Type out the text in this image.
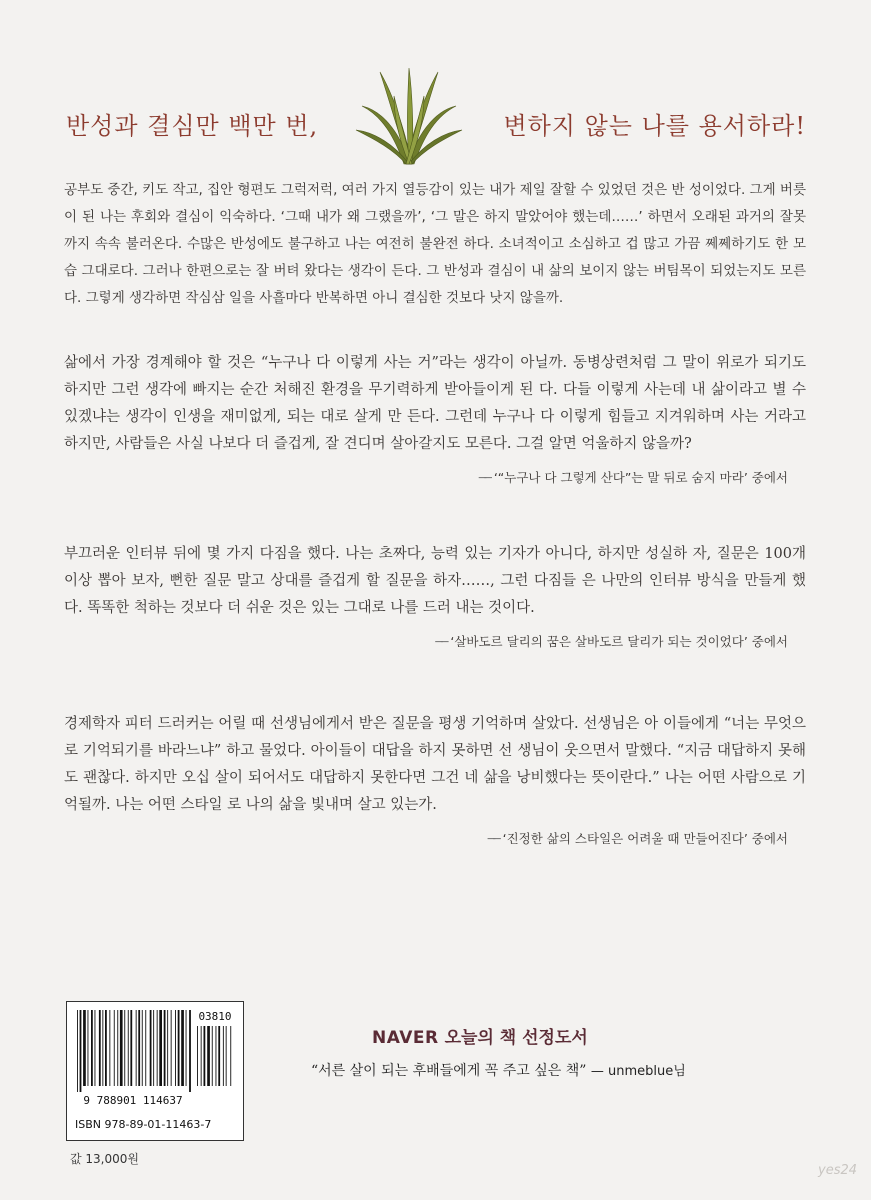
반성과 결심만 백만 번,	변하지 않는 나를 용서하라!

공부도 중간, 키도 작고, 집안 형편도 그럭저럭, 여러 가지 열등감이 있는 내가 제일 잘할 수 있었던 것은 반 성이었다. 그게 버릇이 된 나는 후회와 결심이 익숙하다. ‘그때 내가 왜 그랬을까’, ‘그 말은 하지 말았어야 했는데……’ 하면서 오래된 과거의 잘못까지 속속 불러온다. 수많은 반성에도 불구하고 나는 여전히 불완전 하다. 소녀적이고 소심하고 겁 많고 가끔 쩨쩨하기도 한 모습 그대로다. 그러나 한편으로는 잘 버텨 왔다는 생각이 든다. 그 반성과 결심이 내 삶의 보이지 않는 버팀목이 되었는지도 모른다. 그렇게 생각하면 작심삼 일을 사흘마다 반복하면 아니 결심한 것보다 낫지 않을까.

삶에서 가장 경계해야 할 것은 “누구나 다 이렇게 사는 거”라는 생각이 아닐까. 동병상련처럼 그 말이 위로가 되기도 하지만 그런 생각에 빠지는 순간 처해진 환경을 무기력하게 받아들이게 된 다. 다들 이렇게 사는데 내 삶이라고 별 수 있겠냐는 생각이 인생을 재미없게, 되는 대로 살게 만 든다. 그런데 누구나 다 이렇게 힘들고 지겨워하며 사는 거라고 하지만, 사람들은 사실 나보다 더 즐겁게, 잘 견디며 살아갈지도 모른다. 그걸 알면 억울하지 않을까?

── ‘“누구나 다 그렇게 산다”는 말 뒤로 숨지 마라’ 중에서

부끄러운 인터뷰 뒤에 몇 가지 다짐을 했다. 나는 초짜다, 능력 있는 기자가 아니다, 하지만 성실하 자, 질문은 100개 이상 뽑아 보자, 뻔한 질문 말고 상대를 즐겁게 할 질문을 하자……, 그런 다짐들 은 나만의 인터뷰 방식을 만들게 했다. 똑똑한 척하는 것보다 더 쉬운 것은 있는 그대로 나를 드러 내는 것이다.

── ‘살바도르 달리의 꿈은 살바도르 달리가 되는 것이었다’ 중에서

경제학자 피터 드러커는 어릴 때 선생님에게서 받은 질문을 평생 기억하며 살았다. 선생님은 아 이들에게 “너는 무엇으로 기억되기를 바라느냐” 하고 물었다. 아이들이 대답을 하지 못하면 선 생님이 웃으면서 말했다. “지금 대답하지 못해도 괜찮다. 하지만 오십 살이 되어서도 대답하지 못한다면 그건 네 삶을 낭비했다는 뜻이란다.” 나는 어떤 사람으로 기억될까. 나는 어떤 스타일 로 나의 삶을 빛내며 살고 있는가.

── ‘진정한 삶의 스타일은 어려울 때 만들어진다’ 중에서
03810
9 788901 114637
ISBN 978-89-01-11463-7
값 13,000원
NAVER 오늘의 책 선정도서
“서른 살이 되는 후배들에게 꼭 주고 싶은 책” — unmeblue님
yes24
